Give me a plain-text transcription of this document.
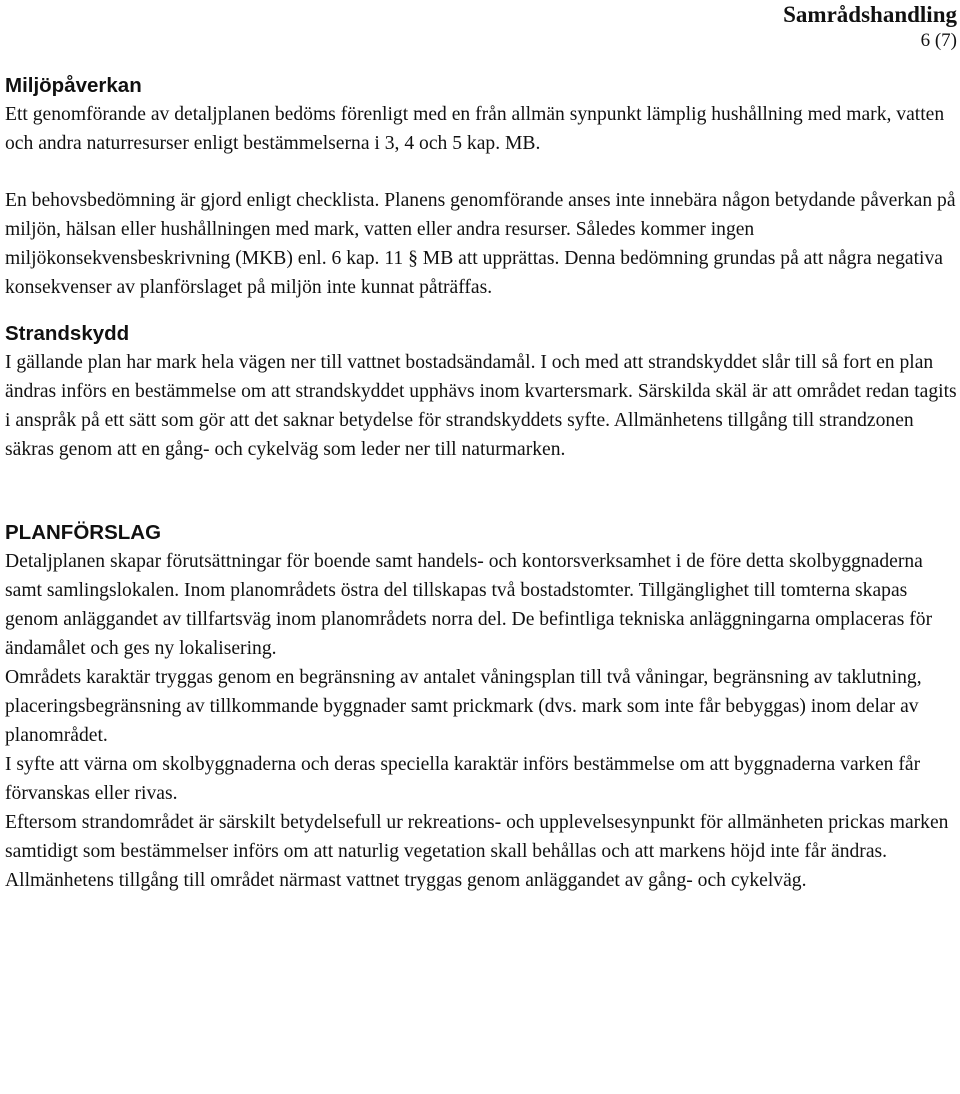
Samrådshandling
6 (7)
Miljöpåverkan

Ett genomförande av detaljplanen bedöms förenligt med en från allmän synpunkt lämplig hushållning med mark, vatten och andra naturresurser enligt bestämmelserna i 3, 4 och 5 kap. MB.

En behovsbedömning är gjord enligt checklista. Planens genomförande anses inte innebära någon betydande påverkan på miljön, hälsan eller hushållningen med mark, vatten eller andra resurser. Således kommer ingen miljökonsekvensbeskrivning (MKB) enl. 6 kap. 11 § MB att upprättas. Denna bedömning grundas på att några negativa konsekvenser av planförslaget på miljön inte kunnat påträffas.

Strandskydd

I gällande plan har mark hela vägen ner till vattnet bostadsändamål. I och med att strandskyddet slår till så fort en plan ändras införs en bestämmelse om att strandskyddet upphävs inom kvartersmark. Särskilda skäl är att området redan tagits i anspråk på ett sätt som gör att det saknar betydelse för strandskyddets syfte. Allmänhetens tillgång till strandzonen säkras genom att en gång- och cykelväg som leder ner till naturmarken.

PLANFÖRSLAG

Detaljplanen skapar förutsättningar för boende samt handels- och kontorsverksamhet i de före detta skolbyggnaderna samt samlingslokalen. Inom planområdets östra del tillskapas två bostadstomter. Tillgänglighet till tomterna skapas genom anläggandet av tillfartsväg inom planområdets norra del. De befintliga tekniska anläggningarna omplaceras för ändamålet och ges ny lokalisering.

Områdets karaktär tryggas genom en begränsning av antalet våningsplan till två våningar, begränsning av taklutning, placeringsbegränsning av tillkommande byggnader samt prickmark (dvs. mark som inte får bebyggas) inom delar av planområdet.

I syfte att värna om skolbyggnaderna och deras speciella karaktär införs bestämmelse om att byggnaderna varken får förvanskas eller rivas.

Eftersom strandområdet är särskilt betydelsefull ur rekreations- och upplevelsesynpunkt för allmänheten prickas marken samtidigt som bestämmelser införs om att naturlig vegetation skall behållas och att markens höjd inte får ändras.

Allmänhetens tillgång till området närmast vattnet tryggas genom anläggandet av gång- och cykelväg.
